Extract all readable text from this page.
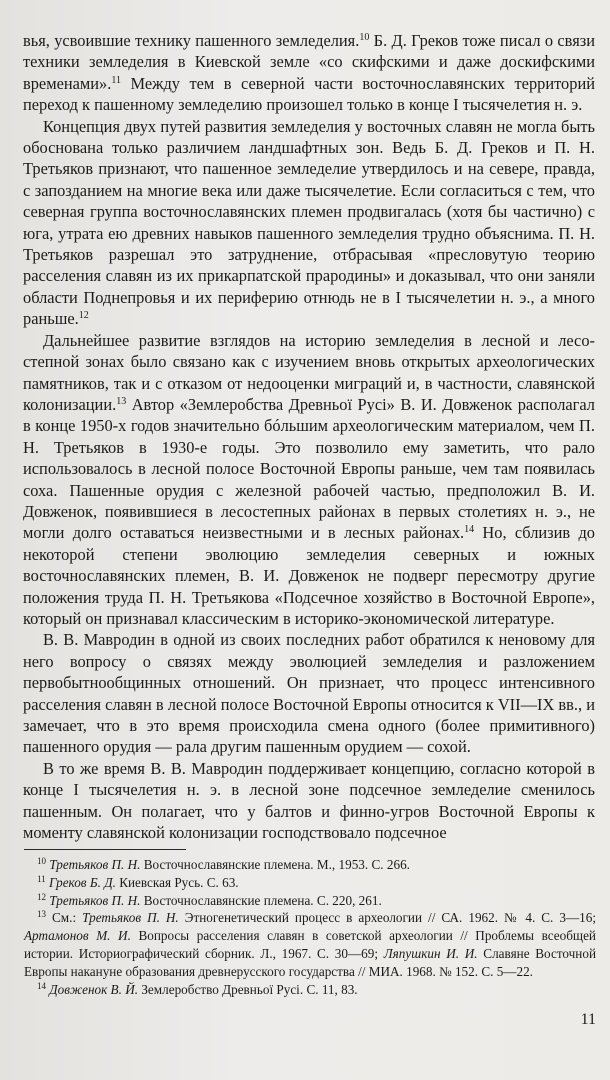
вья, усвоившие технику пашенного земледелия.$^{10}$ Б. Д. Греков тоже писал о связи техники земледелия в Киевской земле «со скифскими и даже доскифскими временами».$^{11}$ Между тем в северной части восточнославянских территорий переход к пашенному земледелию произошел только в конце I тысячелетия н. э.

Концепция двух путей развития земледелия у восточных славян не могла быть обоснована только различием ландшафтных зон. Ведь Б. Д. Греков и П. Н. Третьяков признают, что пашенное земледелие утвердилось и на севере, правда, с запозданием на многие века или даже тысячелетие. Если согласиться с тем, что северная группа восточнославянских племен продвигалась (хотя бы частично) с юга, утрата ею древних навыков пашенного земледелия трудно объяснима. П. Н. Третьяков разрешал это затруднение, отбрасывая «пресловутую теорию расселения славян из их прикарпатской прародины» и доказывал, что они заняли области Поднепровья и их периферию отнюдь не в I тысячелетии н. э., а много раньше.$^{12}$

Дальнейшее развитие взглядов на историю земледелия в лесной и лесостепной зонах было связано как с изучением вновь открытых археологических памятников, так и с отказом от недооценки миграций и, в частности, славянской колонизации.$^{13}$ Автор «Землеробства Древньої Русі» В. И. Довженок располагал в конце 1950-х годов значительно бóльшим археологическим материалом, чем П. Н. Третьяков в 1930-е годы. Это позволило ему заметить, что рало использовалось в лесной полосе Восточной Европы раньше, чем там появилась соха. Пашенные орудия с железной рабочей частью, предположил В. И. Довженок, появившиеся в лесостепных районах в первых столетиях н. э., не могли долго оставаться неизвестными и в лесных районах.$^{14}$ Но, сблизив до некоторой степени эволюцию земледелия северных и южных восточнославянских племен, В. И. Довженок не подверг пересмотру другие положения труда П. Н. Третьякова «Подсечное хозяйство в Восточной Европе», который он признавал классическим в историко-экономической литературе.

В. В. Мавродин в одной из своих последних работ обратился к неновому для него вопросу о связях между эволюцией земледелия и разложением первобытнообщинных отношений. Он признает, что процесс интенсивного расселения славян в лесной полосе Восточной Европы относится к VII—IX вв., и замечает, что в это время происходила смена одного (более примитивного) пашенного орудия — рала другим пашенным орудием — сохой.

В то же время В. В. Мавродин поддерживает концепцию, согласно которой в конце I тысячелетия н. э. в лесной зоне подсечное земледелие сменилось пашенным. Он полагает, что у балтов и финно-угров Восточной Европы к моменту славянской колонизации господствовало подсечное

$^{10}$ Третьяков П. Н. Восточнославянские племена. М., 1953. С. 266.

$^{11}$ Греков Б. Д. Киевская Русь. С. 63.

$^{12}$ Третьяков П. Н. Восточнославянские племена. С. 220, 261.

$^{13}$ См.: Третьяков П. Н. Этногенетический процесс в археологии // СА. 1962. № 4. С. 3—16; Артамонов М. И. Вопросы расселения славян в советской археологии // Проблемы всеобщей истории. Историографический сборник. Л., 1967. С. 30—69; Ляпушкин И. И. Славяне Восточной Европы накануне образования древнерусского государства // МИА. 1968. № 152. С. 5—22.

$^{14}$ Довженок В. Й. Землеробство Древньої Русі. С. 11, 83.

11
